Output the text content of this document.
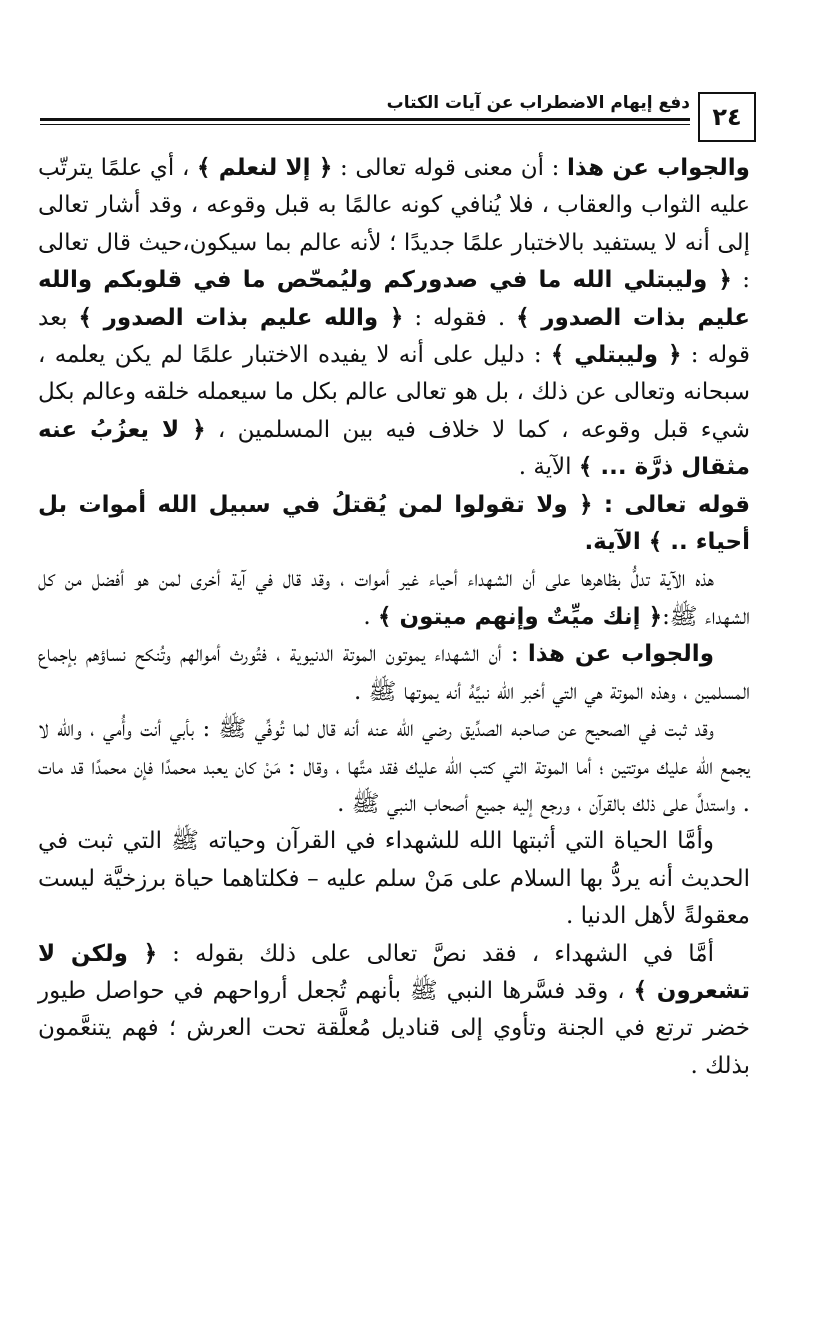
٢٤
دفع إيهام الاضطراب عن آيات الكتاب

والجواب عن هذا : أن معنى قوله تعالى : ﴿ إلا لنعلم ﴾ ، أي علمًا يترتّب عليه الثواب والعقاب ، فلا يُنافي كونه عالمًا به قبل وقوعه ، وقد أشار تعالى إلى أنه لا يستفيد بالاختبار علمًا جديدًا ؛ لأنه عالم بما سيكون،حيث قال تعالى : ﴿ وليبتلي الله ما في صدوركم وليُمحّص ما في قلوبكم والله عليم بذات الصدور ﴾ . فقوله : ﴿ والله عليم بذات الصدور ﴾ بعد قوله : ﴿ وليبتلي ﴾ : دليل على أنه لا يفيده الاختبار علمًا لم يكن يعلمه ، سبحانه وتعالى عن ذلك ، بل هو تعالى عالم بكل ما سيعمله خلقه وعالم بكل شيء قبل وقوعه ، كما لا خلاف فيه بين المسلمين ، ﴿ لا يعزُبُ عنه مثقال ذرَّة ... ﴾ الآية .

قوله تعالى : ﴿ ولا تقولوا لمن يُقتلُ في سبيل الله أموات بل أحياء .. ﴾ الآية.

هذه الآية تدلُّ بظاهرها على أن الشهداء أحياء غير أموات ، وقد قال في آية أخرى لمن هو أفضل من كل الشهداء ﷺ:﴿ إنك ميِّتٌ وإنهم ميتون ﴾ .

والجواب عن هذا : أن الشهداء يموتون الموتة الدنيوية ، فتُورث أموالهم وتُنكح نساؤهم بإجماع المسلمين ، وهذه الموتة هي التي أخبر الله نبيَّهُ أنه يموتها ﷺ .

وقد ثبت في الصحيح عن صاحبه الصدِّيق رضي الله عنه أنه قال لما تُوفِّي ﷺ : بأبي أنت وأُمي ، والله لا يجمع الله عليك موتتين ؛ أما الموتة التي كتب الله عليك فقد متَّها ، وقال : مَنْ كان يعبد محمدًا فإن محمدًا قد مات . واستدلَّ على ذلك بالقرآن ، ورجع إليه جميع أصحاب النبي ﷺ .

وأمَّا الحياة التي أثبتها الله للشهداء في القرآن وحياته ﷺ التي ثبت في الحديث أنه يردُّ بها السلام على مَنْ سلم عليه – فكلتاهما حياة برزخيَّة ليست معقولةً لأهل الدنيا .

أمَّا في الشهداء ، فقد نصَّ تعالى على ذلك بقوله : ﴿ ولكن لا تشعرون ﴾ ، وقد فسَّرها النبي ﷺ بأنهم تُجعل أرواحهم في حواصل طيور خضر ترتع في الجنة وتأوي إلى قناديل مُعلَّقة تحت العرش ؛ فهم يتنعَّمون بذلك .
